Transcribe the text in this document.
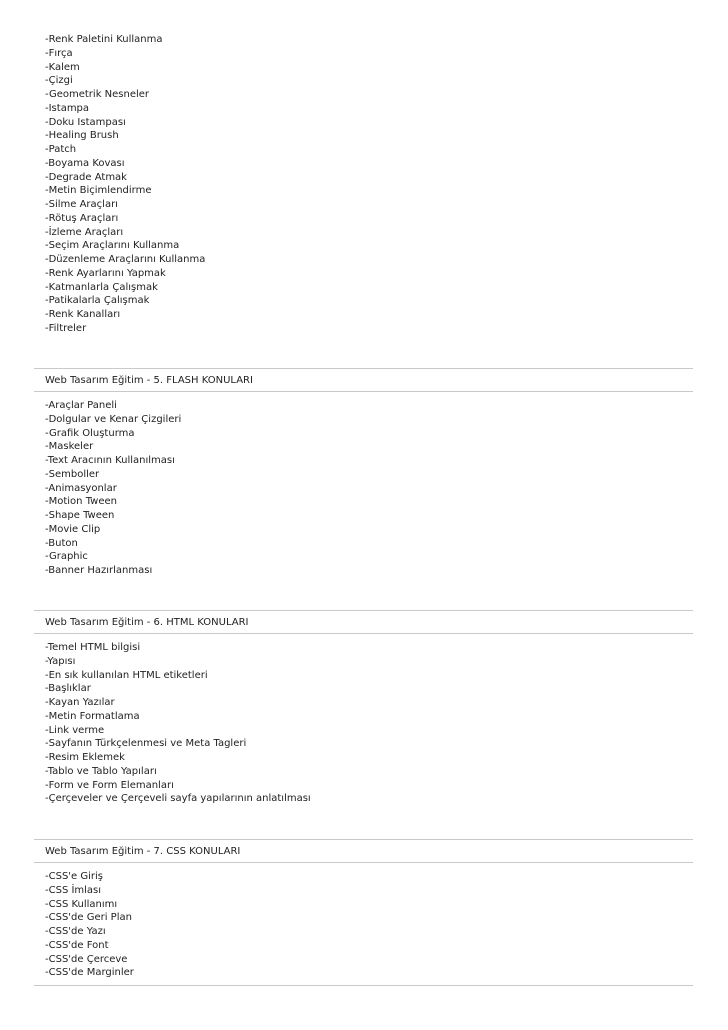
-Renk Paletini Kullanma
-Fırça
-Kalem
-Çizgi
-Geometrik Nesneler
-Istampa
-Doku Istampası
-Healing Brush
-Patch
-Boyama Kovası
-Degrade Atmak
-Metin Biçimlendirme
-Silme Araçları
-Rötuş Araçları
-İzleme Araçları
-Seçim Araçlarını Kullanma
-Düzenleme Araçlarını Kullanma
-Renk Ayarlarını Yapmak
-Katmanlarla Çalışmak
-Patikalarla Çalışmak
-Renk Kanalları
-Filtreler
Web Tasarım Eğitim - 5. FLASH KONULARI
-Araçlar Paneli
-Dolgular ve Kenar Çizgileri
-Grafik Oluşturma
-Maskeler
-Text Aracının Kullanılması
-Semboller
-Animasyonlar
-Motion Tween
-Shape Tween
-Movie Clip
-Buton
-Graphic
-Banner Hazırlanması
Web Tasarım Eğitim - 6. HTML KONULARI
-Temel HTML bilgisi
-Yapısı
-En sık kullanılan HTML etiketleri
-Başlıklar
-Kayan Yazılar
-Metin Formatlama
-Link verme
-Sayfanın Türkçelenmesi ve Meta Tagleri
-Resim Eklemek
-Tablo ve Tablo Yapıları
-Form ve Form Elemanları
-Çerçeveler ve Çerçeveli sayfa yapılarının anlatılması
Web Tasarım Eğitim - 7. CSS KONULARI
-CSS'e Giriş
-CSS İmlası
-CSS Kullanımı
-CSS'de Geri Plan
-CSS'de Yazı
-CSS'de Font
-CSS'de Çerceve
-CSS'de Marginler
